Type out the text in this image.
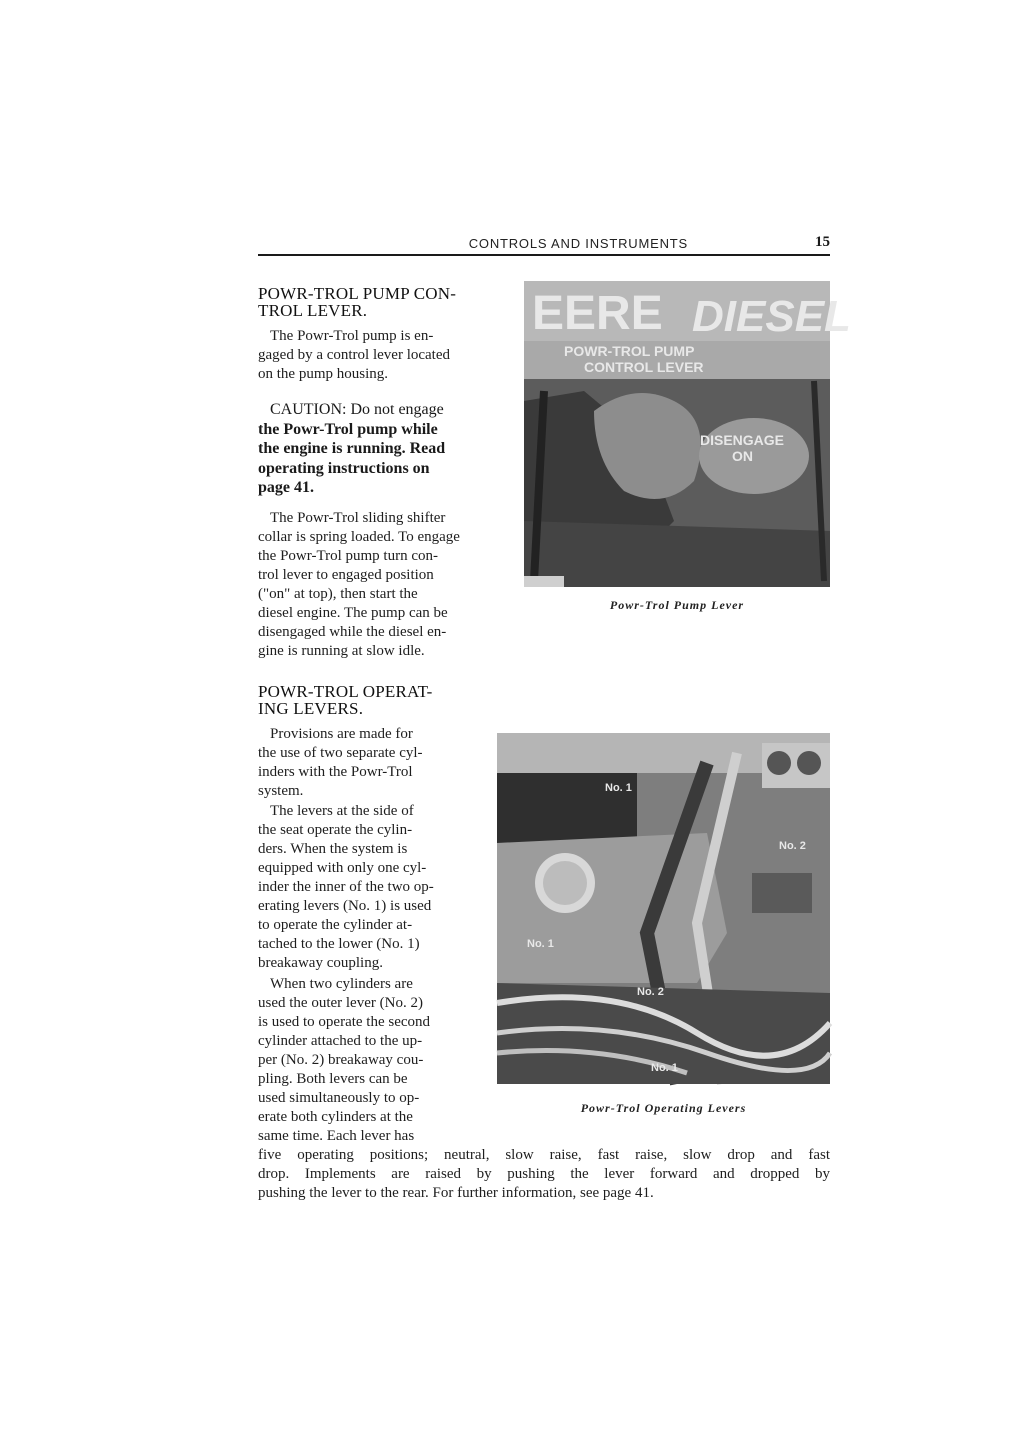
CONTROLS AND INSTRUMENTS	15
POWR-TROL PUMP CON-
TROL LEVER.
The Powr-Trol pump is en-
gaged by a control lever located
on the pump housing.
CAUTION: Do not engage
the Powr-Trol pump while
the engine is running. Read
operating instructions on
page 41.
The Powr-Trol sliding shifter
collar is spring loaded. To engage
the Powr-Trol pump turn con-
trol lever to engaged position
("on" at top), then start the
diesel engine. The pump can be
disengaged while the diesel en-
gine is running at slow idle.
EERE DIESEL
POWR-TROL PUMP
CONTROL LEVER
DISENGAGE
ON
Powr-Trol Pump Lever
POWR-TROL OPERAT-
ING LEVERS.
Provisions are made for
the use of two separate cyl-
inders with the Powr-Trol
system.
The levers at the side of
the seat operate the cylin-
ders. When the system is
equipped with only one cyl-
inder the inner of the two op-
erating levers (No. 1) is used
to operate the cylinder at-
tached to the lower (No. 1)
breakaway coupling.
When two cylinders are
used the outer lever (No. 2)
is used to operate the second
cylinder attached to the up-
per (No. 2) breakaway cou-
pling. Both levers can be
used simultaneously to op-
erate both cylinders at the
same time. Each lever has
five operating positions; neutral, slow raise, fast raise, slow drop and fast
drop. Implements are raised by pushing the lever forward and dropped by
pushing the lever to the rear. For further information, see page 41.
No. 1
No. 2
No. 1
No. 2
No. 1
Powr-Trol Operating Levers
